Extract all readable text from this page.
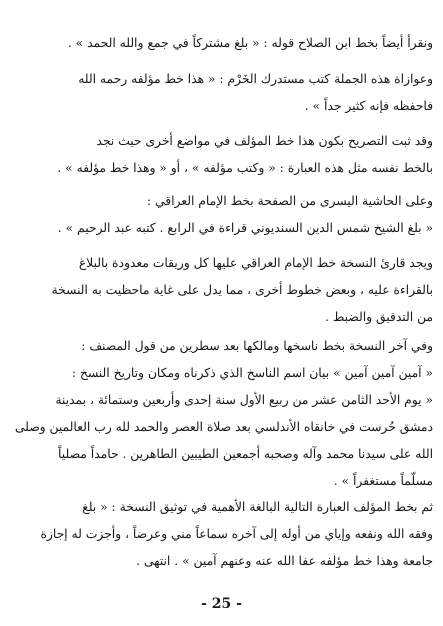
ونقرأ أيضاً بخط ابن الصلاح قوله : « بلغ مشتركاً في جمع والله الحمد » .

وعوازاة هذه الجملة كتب مستدرك الخَرْم : « هذا خط مؤلفه رحمه الله
فاحفظه فإنه كثير جداً » .

وقد ثبت التصريح بكون هذا خط المؤلف في مواضع أخرى حيث نجد
بالخط نفسه مثل هذه العبارة : « وكتب مؤلفه » ، أو « وهذا خط مؤلفه » .

وعلى الحاشية اليسرى من الصفحة بخط الإمام العراقي :
« بلغ الشيخ شمس الدين السنديوني قراءة في الرابع . كتبه عبد الرحيم » .

ويجد قارئ النسخة خط الإمام العراقي عليها كل وريقات معدودة بالبلاغ
بالقراءة عليه ، وبعض خطوط أخرى ، مما يدل على غاية ماحظيت به النسخة
من التدقيق والضبط .

وفي آخر النسخة بخط ناسخها ومالكها بعد سطرين من قول المصنف :
« آمين آمين آمين » بيان اسم الناسخ الذي ذكرناه ومكان وتاريخ النسخ :
« يوم الأحد الثامن عشر من ربيع الأول سنة إحدى وأربعين وستمائة ، بمدينة
دمشق حُرست في خانقاه الأندلسي بعد صلاة العصر والحمد لله رب العالمين وصلى
الله على سيدنا محمد وآله وصحبه أجمعين الطيبين الطاهرين . حامداً مصلياً
مسلّماً مستغفراً » .

ثم بخط المؤلف العبارة التالية البالغة الأهمية في توثيق النسخة : « بلغ
وفقه الله ونفعه وإياي من أوله إلى آخره سماعاً مني وعرضاً ، وأجزت له إجازة
جامعة وهذا خط مؤلفه عفا الله عنه وعنهم آمين » . انتهى .

- 25 -
